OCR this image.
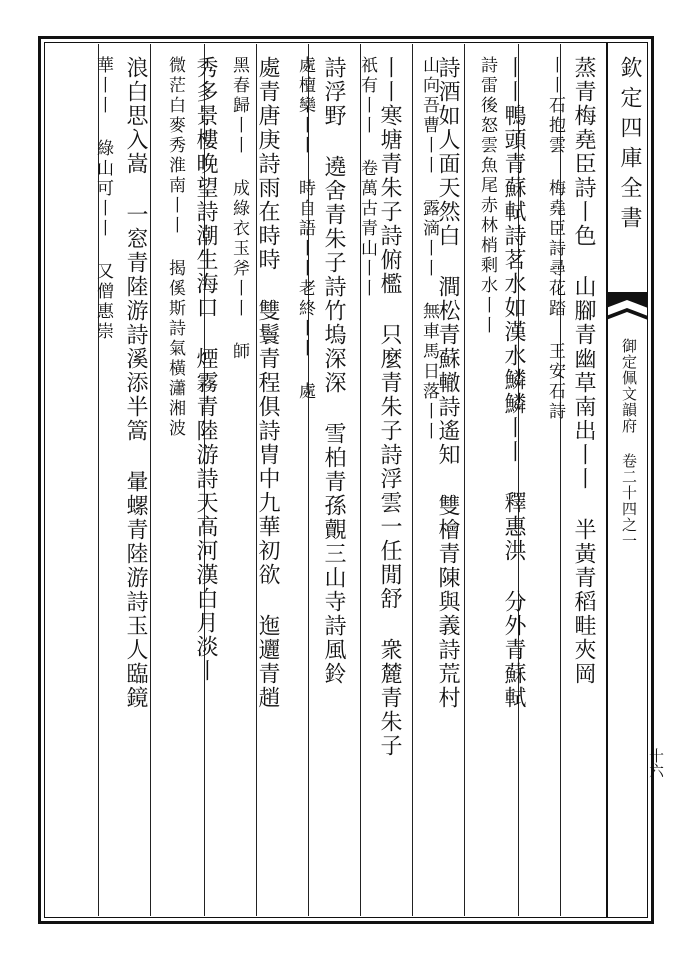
欽定四庫全書
御定佩文韻府 卷二十四之一
十六
蒸青梅堯臣詩丨色 山腳青幽草南出丨丨 半黃青稻畦夾岡
丨丨石抱雲 梅堯臣詩尋花踏 王安石詩
丨丨鴨頭青蘇軾詩茗水如漢水鱗鱗丨丨 釋惠洪 分外青蘇軾
詩雷後怒雲魚尾赤林梢剩水丨丨
詩酒如人面天然白 澗松青蘇轍詩遙知 雙檜青陳與義詩荒村
山向吾曹丨丨 露滴丨丨 無車馬日落丨丨
丨丨寒塘青朱子詩俯檻 只麼青朱子詩浮雲一任閒舒 衆麓青朱子
祇有丨丨 卷萬古青山丨丨
詩浮野 遶舍青朱子詩竹塢深深 雪柏青孫覿三山寺詩風鈴
處檀欒丨丨 時自語丨丨老終丨丨 處
處青唐庚詩雨在時時 雙鬟青程俱詩胄中九華初欲 迤邐青趙
黑春歸丨丨 成綠衣玉斧丨丨 師
秀多景樓晚望詩潮生海口 煙霧青陸游詩天高河漢白月淡丨
微茫白麥秀淮南丨丨 揭傒斯詩氣橫瀟湘波
浪白思入嵩 一窓青陸游詩溪添半篙 暈螺青陸游詩玉人臨鏡
華丨丨 綠山可丨丨 又僧惠崇
